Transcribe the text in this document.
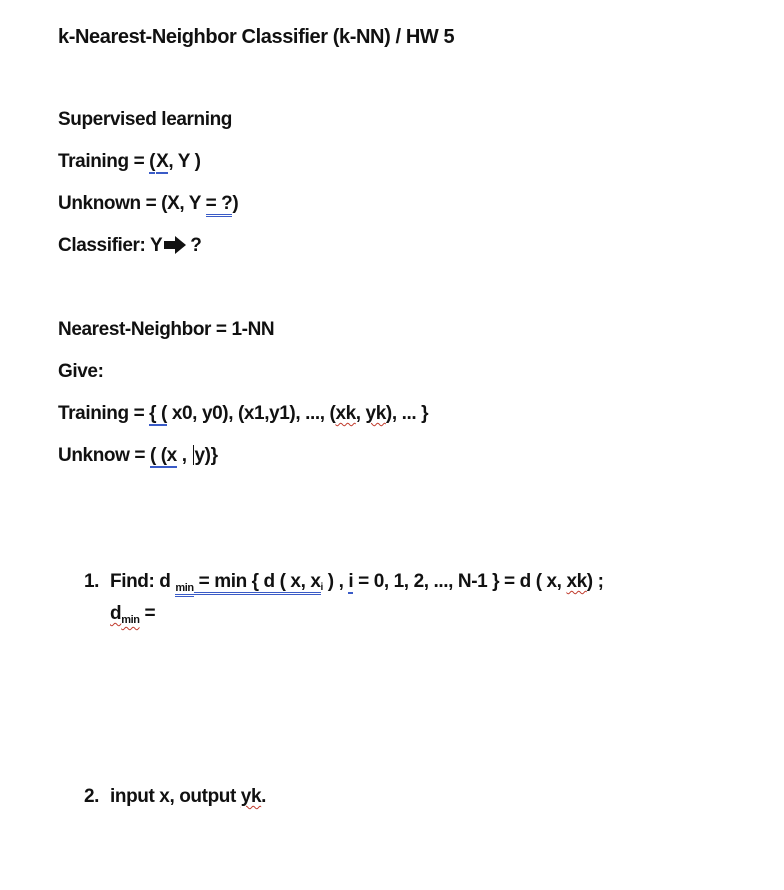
k-Nearest-Neighbor Classifier (k-NN) / HW 5
Supervised learning
Training = (X, Y )
Unknown = (X, Y = ?)
Classifier: Y ?
Nearest-Neighbor = 1-NN
Give:
Training = { ( x0, y0), (x1,y1), ..., (xk, yk), ... }
Unknow = ( (x , y)}
1. Find: d $_{min}$ = min { d ( x, xi ) , i = 0, 1, 2, ..., N-1 } = d ( x, xk) ;
$d_{min}$ =
2. input x, output yk.
